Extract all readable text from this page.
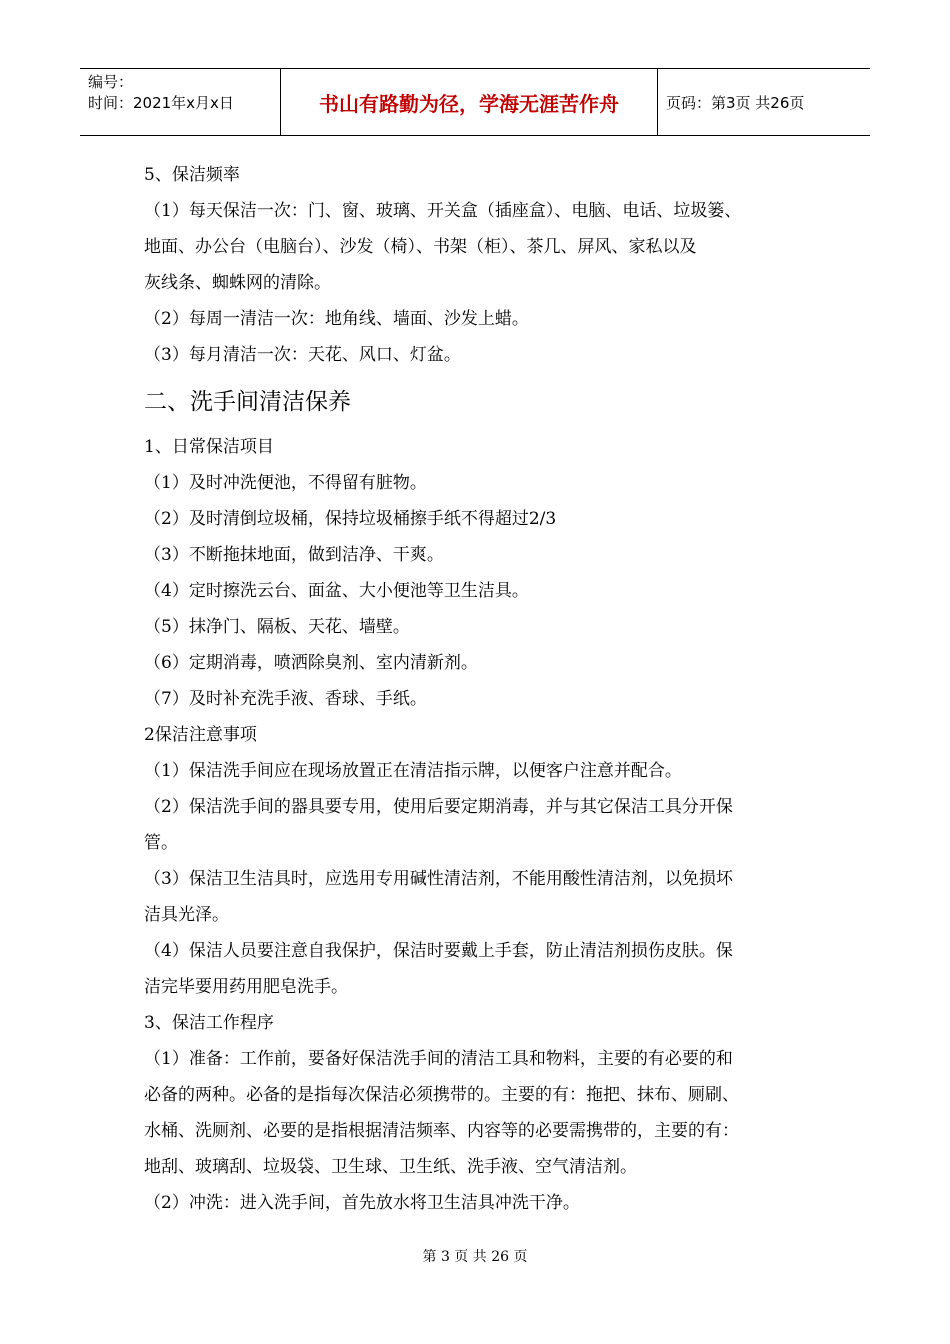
编号：
时间：2021年x月x日	书山有路勤为径，学海无涯苦作舟	页码：第3页 共26页
5、保洁频率
（1）每天保洁一次：门、窗、玻璃、开关盒（插座盒）、电脑、电话、垃圾篓、
地面、办公台（电脑台）、沙发（椅）、书架（柜）、茶几、屏风、家私以及
灰线条、蜘蛛网的清除。
（2）每周一清洁一次：地角线、墙面、沙发上蜡。
（3）每月清洁一次：天花、风口、灯盆。
二、洗手间清洁保养
1、日常保洁项目
（1）及时冲洗便池，不得留有脏物。
（2）及时清倒垃圾桶，保持垃圾桶擦手纸不得超过2/3
（3）不断拖抹地面，做到洁净、干爽。
（4）定时擦洗云台、面盆、大小便池等卫生洁具。
（5）抹净门、隔板、天花、墙壁。
（6）定期消毒，喷洒除臭剂、室内清新剂。
（7）及时补充洗手液、香球、手纸。
2保洁注意事项
（1）保洁洗手间应在现场放置正在清洁指示牌，以便客户注意并配合。
（2）保洁洗手间的器具要专用，使用后要定期消毒，并与其它保洁工具分开保
管。
（3）保洁卫生洁具时，应选用专用碱性清洁剂，不能用酸性清洁剂，以免损坏
洁具光泽。
（4）保洁人员要注意自我保护，保洁时要戴上手套，防止清洁剂损伤皮肤。保
洁完毕要用药用肥皂洗手。
3、保洁工作程序
（1）准备：工作前，要备好保洁洗手间的清洁工具和物料，主要的有必要的和
必备的两种。必备的是指每次保洁必须携带的。主要的有：拖把、抹布、厕刷、
水桶、洗厕剂、必要的是指根据清洁频率、内容等的必要需携带的，主要的有：
地刮、玻璃刮、垃圾袋、卫生球、卫生纸、洗手液、空气清洁剂。
（2）冲洗：进入洗手间，首先放水将卫生洁具冲洗干净。
第 3 页 共 26 页
